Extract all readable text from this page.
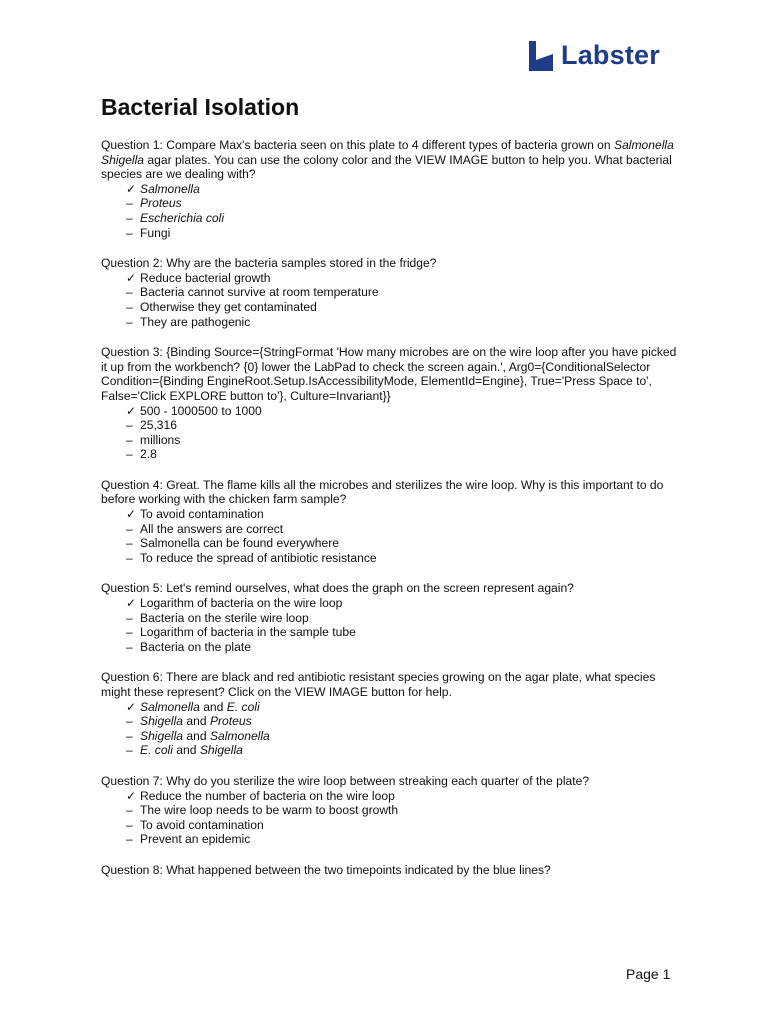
Labster
Bacterial Isolation
Question 1: Compare Max's bacteria seen on this plate to 4 different types of bacteria grown on Salmonella Shigella agar plates. You can use the colony color and the VIEW IMAGE button to help you. What bacterial species are we dealing with?
✓ Salmonella
– Proteus
– Escherichia coli
– Fungi
Question 2: Why are the bacteria samples stored in the fridge?
✓ Reduce bacterial growth
– Bacteria cannot survive at room temperature
– Otherwise they get contaminated
– They are pathogenic
Question 3: {Binding Source={StringFormat 'How many microbes are on the wire loop after you have picked it up from the workbench? {0} lower the LabPad to check the screen again.', Arg0={ConditionalSelector Condition={Binding EngineRoot.Setup.IsAccessibilityMode, ElementId=Engine}, True='Press Space to', False='Click EXPLORE button to'}, Culture=Invariant}}
✓ 500 - 1000500 to 1000
– 25,316
– millions
– 2.8
Question 4: Great. The flame kills all the microbes and sterilizes the wire loop. Why is this important to do before working with the chicken farm sample?
✓ To avoid contamination
– All the answers are correct
– Salmonella can be found everywhere
– To reduce the spread of antibiotic resistance
Question 5: Let's remind ourselves, what does the graph on the screen represent again?
✓ Logarithm of bacteria on the wire loop
– Bacteria on the sterile wire loop
– Logarithm of bacteria in the sample tube
– Bacteria on the plate
Question 6: There are black and red antibiotic resistant species growing on the agar plate, what species might these represent? Click on the VIEW IMAGE button for help.
✓ Salmonella and E. coli
– Shigella and Proteus
– Shigella and Salmonella
– E. coli and Shigella
Question 7: Why do you sterilize the wire loop between streaking each quarter of the plate?
✓ Reduce the number of bacteria on the wire loop
– The wire loop needs to be warm to boost growth
– To avoid contamination
– Prevent an epidemic
Question 8: What happened between the two timepoints indicated by the blue lines?
Page 1
